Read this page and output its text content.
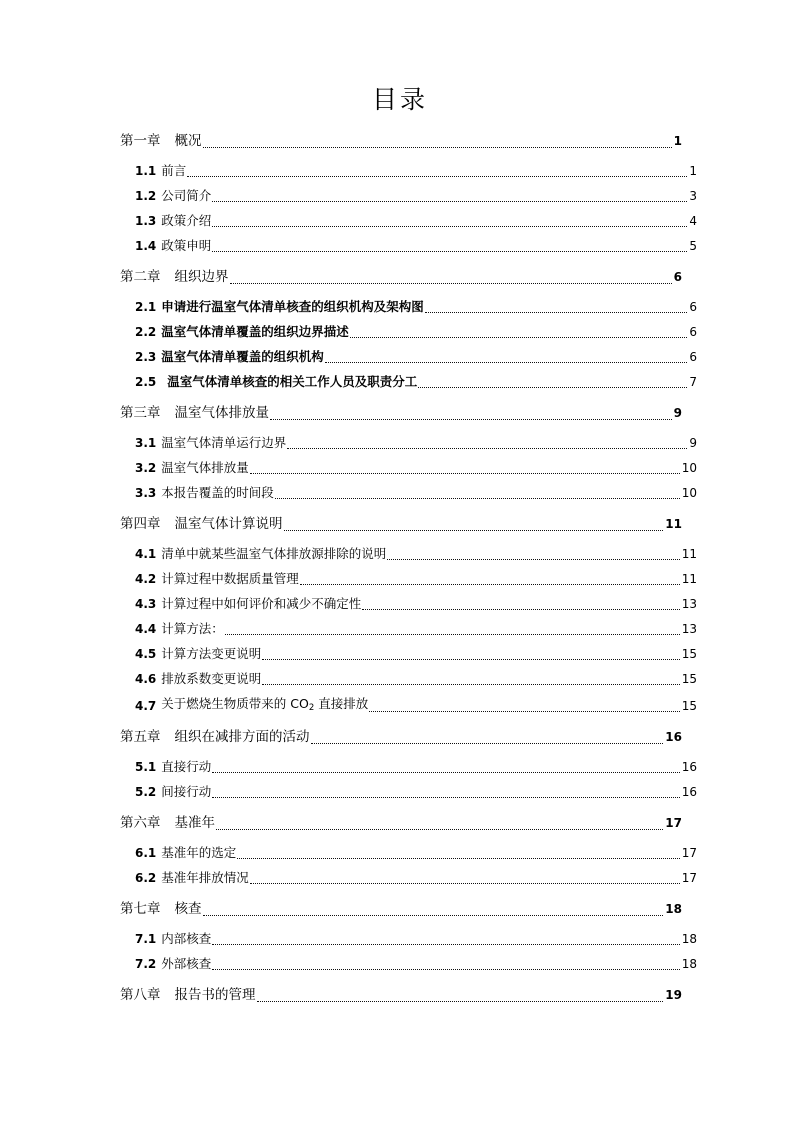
目录
第一章 概况	1
1.1 前言	1
1.2 公司简介	3
1.3 政策介绍	4
1.4 政策申明	5
第二章 组织边界	6
2.1 申请进行温室气体清单核查的组织机构及架构图	6
2.2 温室气体清单覆盖的组织边界描述	6
2.3 温室气体清单覆盖的组织机构	6
2.5 温室气体清单核查的相关工作人员及职责分工	7
第三章 温室气体排放量	9
3.1 温室气体清单运行边界	9
3.2 温室气体排放量	10
3.3 本报告覆盖的时间段	10
第四章 温室气体计算说明	11
4.1 清单中就某些温室气体排放源排除的说明	11
4.2 计算过程中数据质量管理	11
4.3 计算过程中如何评价和减少不确定性	13
4.4 计算方法：	13
4.5 计算方法变更说明	15
4.6 排放系数变更说明	15
4.7 关于燃烧生物质带来的 $CO_2$ 直接排放	15
第五章 组织在减排方面的活动	16
5.1 直接行动	16
5.2 间接行动	16
第六章 基准年	17
6.1 基准年的选定	17
6.2 基准年排放情况	17
第七章 核查	18
7.1 内部核查	18
7.2 外部核查	18
第八章 报告书的管理	19
